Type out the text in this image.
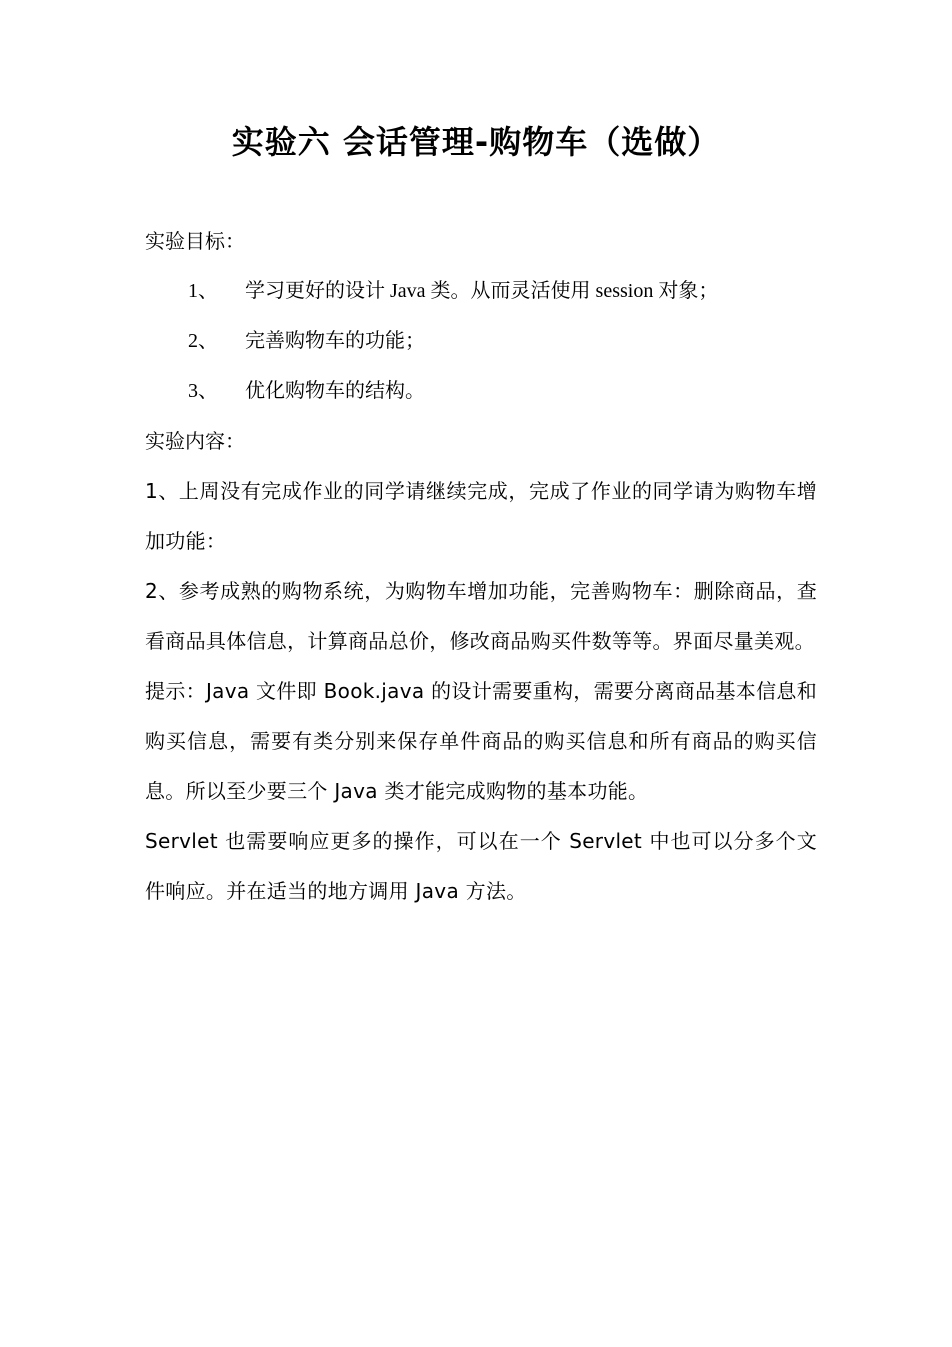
实验六 会话管理-购物车（选做）

实验目标：

1、	学习更好的设计 Java 类。从而灵活使用 session 对象；
2、	完善购物车的功能；
3、	优化购物车的结构。

实验内容：

1、上周没有完成作业的同学请继续完成，完成了作业的同学请为购物车增加功能：

2、参考成熟的购物系统，为购物车增加功能，完善购物车：删除商品，查看商品具体信息，计算商品总价，修改商品购买件数等等。界面尽量美观。

提示：Java 文件即 Book.java 的设计需要重构，需要分离商品基本信息和购买信息，需要有类分别来保存单件商品的购买信息和所有商品的购买信息。所以至少要三个 Java 类才能完成购物的基本功能。

Servlet 也需要响应更多的操作，可以在一个 Servlet 中也可以分多个文件响应。并在适当的地方调用 Java 方法。
